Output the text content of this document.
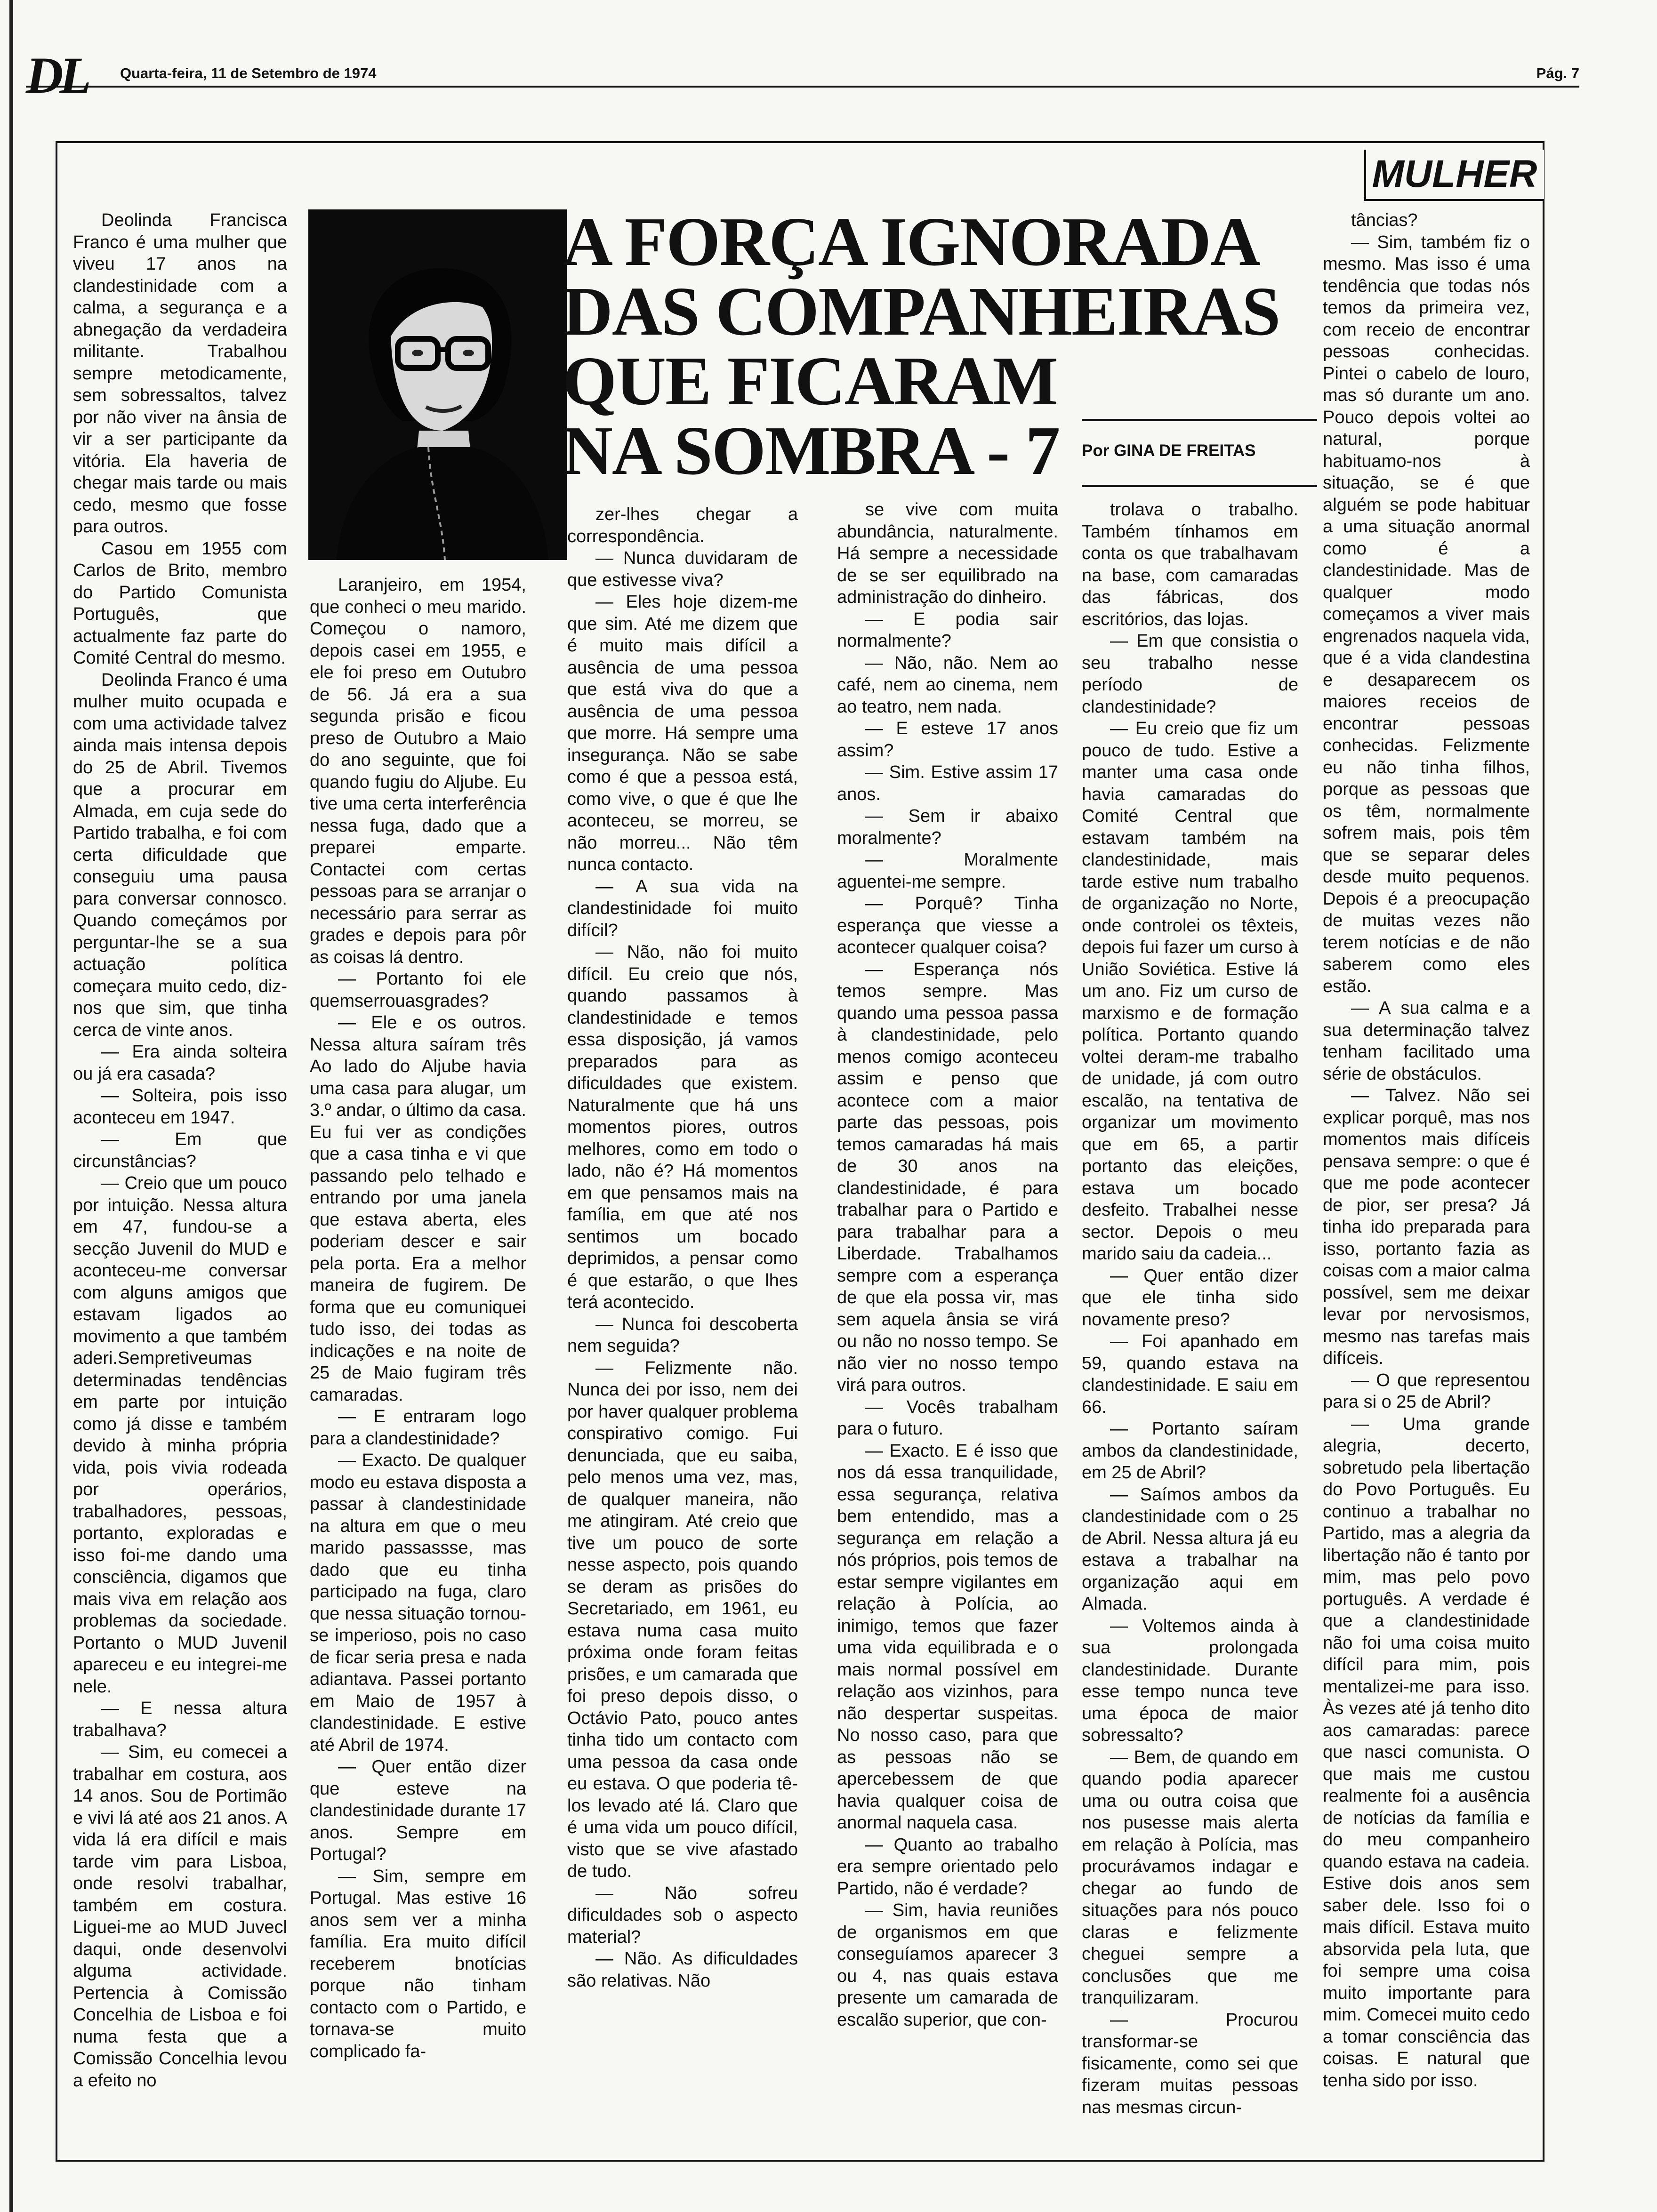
DL Quarta-feira, 11 de Setembro de 1974	Pág. 7
MULHER
A FORÇA IGNORADA
DAS COMPANHEIRAS
QUE FICARAM
NA SOMBRA - 7	Por GINA DE FREITAS

Deolinda Francisca Franco é uma mulher que viveu 17 anos na clandestinidade com a calma, a segurança e a abnegação da verdadeira militante. Trabalhou sempre metodicamente, sem sobressaltos, talvez por não viver na ânsia de vir a ser participante da vitória. Ela haveria de chegar mais tarde ou mais cedo, mesmo que fosse para outros.

Casou em 1955 com Carlos de Brito, membro do Partido Comunista Português, que actualmente faz parte do Comité Central do mesmo.

Deolinda Franco é uma mulher muito ocupada e com uma actividade talvez ainda mais intensa depois do 25 de Abril. Tivemos que a procurar em Almada, em cuja sede do Partido trabalha, e foi com certa dificuldade que conseguiu uma pausa para conversar connosco. Quando começámos por perguntar-lhe se a sua actuação política começara muito cedo, diz-nos que sim, que tinha cerca de vinte anos.

— Era ainda solteira ou já era casada?

— Solteira, pois isso aconteceu em 1947.

— Em que circunstâncias?

— Creio que um pouco por intuição. Nessa altura em 47, fundou-se a secção Juvenil do MUD e aconteceu-me conversar com alguns amigos que estavam ligados ao movimento a que também aderi.Sempretiveumas determinadas tendências em parte por intuição como já disse e também devido à minha própria vida, pois vivia rodeada por operários, trabalhadores, pessoas, portanto, exploradas e isso foi-me dando uma consciência, digamos que mais viva em relação aos problemas da sociedade. Portanto o MUD Juvenil apareceu e eu integrei-me nele.

— E nessa altura trabalhava?

— Sim, eu comecei a trabalhar em costura, aos 14 anos. Sou de Portimão e vivi lá até aos 21 anos. A vida lá era difícil e mais tarde vim para Lisboa, onde resolvi trabalhar, também em costura. Liguei-me ao MUD Juvecl daqui, onde desenvolvi alguma actividade. Pertencia à Comissão Concelhia de Lisboa e foi numa festa que a Comissão Concelhia levou a efeito no

Laranjeiro, em 1954, que conheci o meu marido. Começou o namoro, depois casei em 1955, e ele foi preso em Outubro de 56. Já era a sua segunda prisão e ficou preso de Outubro a Maio do ano seguinte, que foi quando fugiu do Aljube. Eu tive uma certa interferência nessa fuga, dado que a preparei emparte. Contactei com certas pessoas para se arranjar o necessário para serrar as grades e depois para pôr as coisas lá dentro.

— Portanto foi ele quemserrouasgrades?

— Ele e os outros. Nessa altura saíram três Ao lado do Aljube havia uma casa para alugar, um 3.º andar, o último da casa. Eu fui ver as condições que a casa tinha e vi que passando pelo telhado e entrando por uma janela que estava aberta, eles poderiam descer e sair pela porta. Era a melhor maneira de fugirem. De forma que eu comuniquei tudo isso, dei todas as indicações e na noite de 25 de Maio fugiram três camaradas.

— E entraram logo para a clandestinidade?

— Exacto. De qualquer modo eu estava disposta a passar à clandestinidade na altura em que o meu marido passassse, mas dado que eu tinha participado na fuga, claro que nessa situação tornou-se imperioso, pois no caso de ficar seria presa e nada adiantava. Passei portanto em Maio de 1957 à clandestinidade. E estive até Abril de 1974.

— Quer então dizer que esteve na clandestinidade durante 17 anos. Sempre em Portugal?

— Sim, sempre em Portugal. Mas estive 16 anos sem ver a minha família. Era muito difícil receberem bnotícias porque não tinham contacto com o Partido, e tornava-se muito complicado fa-

zer-lhes chegar a correspondência.

— Nunca duvidaram de que estivesse viva?

— Eles hoje dizem-me que sim. Até me dizem que é muito mais difícil a ausência de uma pessoa que está viva do que a ausência de uma pessoa que morre. Há sempre uma insegurança. Não se sabe como é que a pessoa está, como vive, o que é que lhe aconteceu, se morreu, se não morreu... Não têm nunca contacto.

— A sua vida na clandestinidade foi muito difícil?

— Não, não foi muito difícil. Eu creio que nós, quando passamos à clandestinidade e temos essa disposição, já vamos preparados para as dificuldades que existem. Naturalmente que há uns momentos piores, outros melhores, como em todo o lado, não é? Há momentos em que pensamos mais na família, em que até nos sentimos um bocado deprimidos, a pensar como é que estarão, o que lhes terá acontecido.

— Nunca foi descoberta nem seguida?

— Felizmente não. Nunca dei por isso, nem dei por haver qualquer problema conspirativo comigo. Fui denunciada, que eu saiba, pelo menos uma vez, mas, de qualquer maneira, não me atingiram. Até creio que tive um pouco de sorte nesse aspecto, pois quando se deram as prisões do Secretariado, em 1961, eu estava numa casa muito próxima onde foram feitas prisões, e um camarada que foi preso depois disso, o Octávio Pato, pouco antes tinha tido um contacto com uma pessoa da casa onde eu estava. O que poderia tê-los levado até lá. Claro que é uma vida um pouco difícil, visto que se vive afastado de tudo.

— Não sofreu dificuldades sob o aspecto material?

— Não. As dificuldades são relativas. Não

se vive com muita abundância, naturalmente. Há sempre a necessidade de se ser equilibrado na administração do dinheiro.

— E podia sair normalmente?

— Não, não. Nem ao café, nem ao cinema, nem ao teatro, nem nada.

— E esteve 17 anos assim?

— Sim. Estive assim 17 anos.

— Sem ir abaixo moralmente?

— Moralmente aguentei-me sempre.

— Porquê? Tinha esperança que viesse a acontecer qualquer coisa?

— Esperança nós temos sempre. Mas quando uma pessoa passa à clandestinidade, pelo menos comigo aconteceu assim e penso que acontece com a maior parte das pessoas, pois temos camaradas há mais de 30 anos na clandestinidade, é para trabalhar para o Partido e para trabalhar para a Liberdade. Trabalhamos sempre com a esperança de que ela possa vir, mas sem aquela ânsia se virá ou não no nosso tempo. Se não vier no nosso tempo virá para outros.

— Vocês trabalham para o futuro.

— Exacto. E é isso que nos dá essa tranquilidade, essa segurança, relativa bem entendido, mas a segurança em relação a nós próprios, pois temos de estar sempre vigilantes em relação à Polícia, ao inimigo, temos que fazer uma vida equilibrada e o mais normal possível em relação aos vizinhos, para não despertar suspeitas. No nosso caso, para que as pessoas não se apercebessem de que havia qualquer coisa de anormal naquela casa.

— Quanto ao trabalho era sempre orientado pelo Partido, não é verdade?

— Sim, havia reuniões de organismos em que conseguíamos aparecer 3 ou 4, nas quais estava presente um camarada de escalão superior, que con-

trolava o trabalho. Também tínhamos em conta os que trabalhavam na base, com camaradas das fábricas, dos escritórios, das lojas.

— Em que consistia o seu trabalho nesse período de clandestinidade?

— Eu creio que fiz um pouco de tudo. Estive a manter uma casa onde havia camaradas do Comité Central que estavam também na clandestinidade, mais tarde estive num trabalho de organização no Norte, onde controlei os têxteis, depois fui fazer um curso à União Soviética. Estive lá um ano. Fiz um curso de marxismo e de formação política. Portanto quando voltei deram-me trabalho de unidade, já com outro escalão, na tentativa de organizar um movimento que em 65, a partir portanto das eleições, estava um bocado desfeito. Trabalhei nesse sector. Depois o meu marido saiu da cadeia...

— Quer então dizer que ele tinha sido novamente preso?

— Foi apanhado em 59, quando estava na clandestinidade. E saiu em 66.

— Portanto saíram ambos da clandestinidade, em 25 de Abril?

— Saímos ambos da clandestinidade com o 25 de Abril. Nessa altura já eu estava a trabalhar na organização aqui em Almada.

— Voltemos ainda à sua prolongada clandestinidade. Durante esse tempo nunca teve uma época de maior sobressalto?

— Bem, de quando em quando podia aparecer uma ou outra coisa que nos pusesse mais alerta em relação à Polícia, mas procurávamos indagar e chegar ao fundo de situações para nós pouco claras e felizmente cheguei sempre a conclusões que me tranquilizaram.

— Procurou transformar-se fisicamente, como sei que fizeram muitas pessoas nas mesmas circun-

tâncias?

— Sim, também fiz o mesmo. Mas isso é uma tendência que todas nós temos da primeira vez, com receio de encontrar pessoas conhecidas. Pintei o cabelo de louro, mas só durante um ano. Pouco depois voltei ao natural, porque habituamo-nos à situação, se é que alguém se pode habituar a uma situação anormal como é a clandestinidade. Mas de qualquer modo começamos a viver mais engrenados naquela vida, que é a vida clandestina e desaparecem os maiores receios de encontrar pessoas conhecidas. Felizmente eu não tinha filhos, porque as pessoas que os têm, normalmente sofrem mais, pois têm que se separar deles desde muito pequenos. Depois é a preocupação de muitas vezes não terem notícias e de não saberem como eles estão.

— A sua calma e a sua determinação talvez tenham facilitado uma série de obstáculos.

— Talvez. Não sei explicar porquê, mas nos momentos mais difíceis pensava sempre: o que é que me pode acontecer de pior, ser presa? Já tinha ido preparada para isso, portanto fazia as coisas com a maior calma possível, sem me deixar levar por nervosismos, mesmo nas tarefas mais difíceis.

— O que representou para si o 25 de Abril?

— Uma grande alegria, decerto, sobretudo pela libertação do Povo Português. Eu continuo a trabalhar no Partido, mas a alegria da libertação não é tanto por mim, mas pelo povo português. A verdade é que a clandestinidade não foi uma coisa muito difícil para mim, pois mentalizei-me para isso. Às vezes até já tenho dito aos camaradas: parece que nasci comunista. O que mais me custou realmente foi a ausência de notícias da família e do meu companheiro quando estava na cadeia. Estive dois anos sem saber dele. Isso foi o mais difícil. Estava muito absorvida pela luta, que foi sempre uma coisa muito importante para mim. Comecei muito cedo a tomar consciência das coisas. E natural que tenha sido por isso.
